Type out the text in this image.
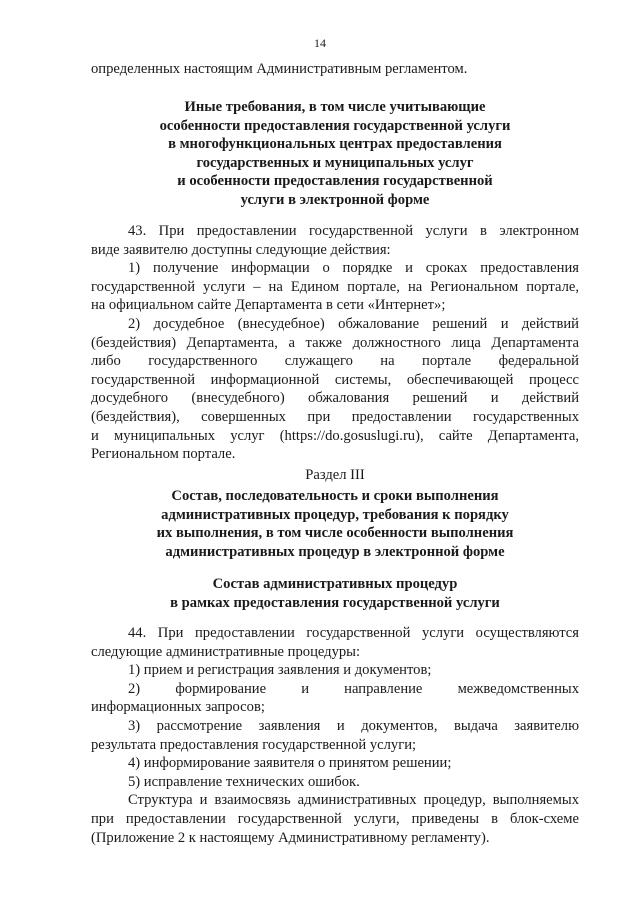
14

определенных настоящим Административным регламентом.

Иные требования, в том числе учитывающие

особенности предоставления государственной услуги

в многофункциональных центрах предоставления

государственных и муниципальных услуг

и особенности предоставления государственной

услуги в электронной форме

43. При предоставлении государственной услуги в электронном

виде заявителю доступны следующие действия:

1) получение информации о порядке и сроках предоставления

государственной услуги – на Едином портале, на Региональном портале,

на официальном сайте Департамента в сети «Интернет»;

2) досудебное (внесудебное) обжалование решений и действий

(бездействия) Департамента, а также должностного лица Департамента

либо государственного служащего на портале федеральной

государственной информационной системы, обеспечивающей процесс

досудебного (внесудебного) обжалования решений и действий

(бездействия), совершенных при предоставлении государственных

и муниципальных услуг (https://do.gosuslugi.ru), сайте Департамента,

Региональном портале.

Раздел III

Состав, последовательность и сроки выполнения

административных процедур, требования к порядку

их выполнения, в том числе особенности выполнения

административных процедур в электронной форме

Состав административных процедур

в рамках предоставления государственной услуги

44. При предоставлении государственной услуги осуществляются

следующие административные процедуры:

1) прием и регистрация заявления и документов;

2) формирование и направление межведомственных

информационных запросов;

3) рассмотрение заявления и документов, выдача заявителю

результата предоставления государственной услуги;

4) информирование заявителя о принятом решении;

5) исправление технических ошибок.

Структура и взаимосвязь административных процедур, выполняемых

при предоставлении государственной услуги, приведены в блок-схеме

(Приложение 2 к настоящему Административному регламенту).
